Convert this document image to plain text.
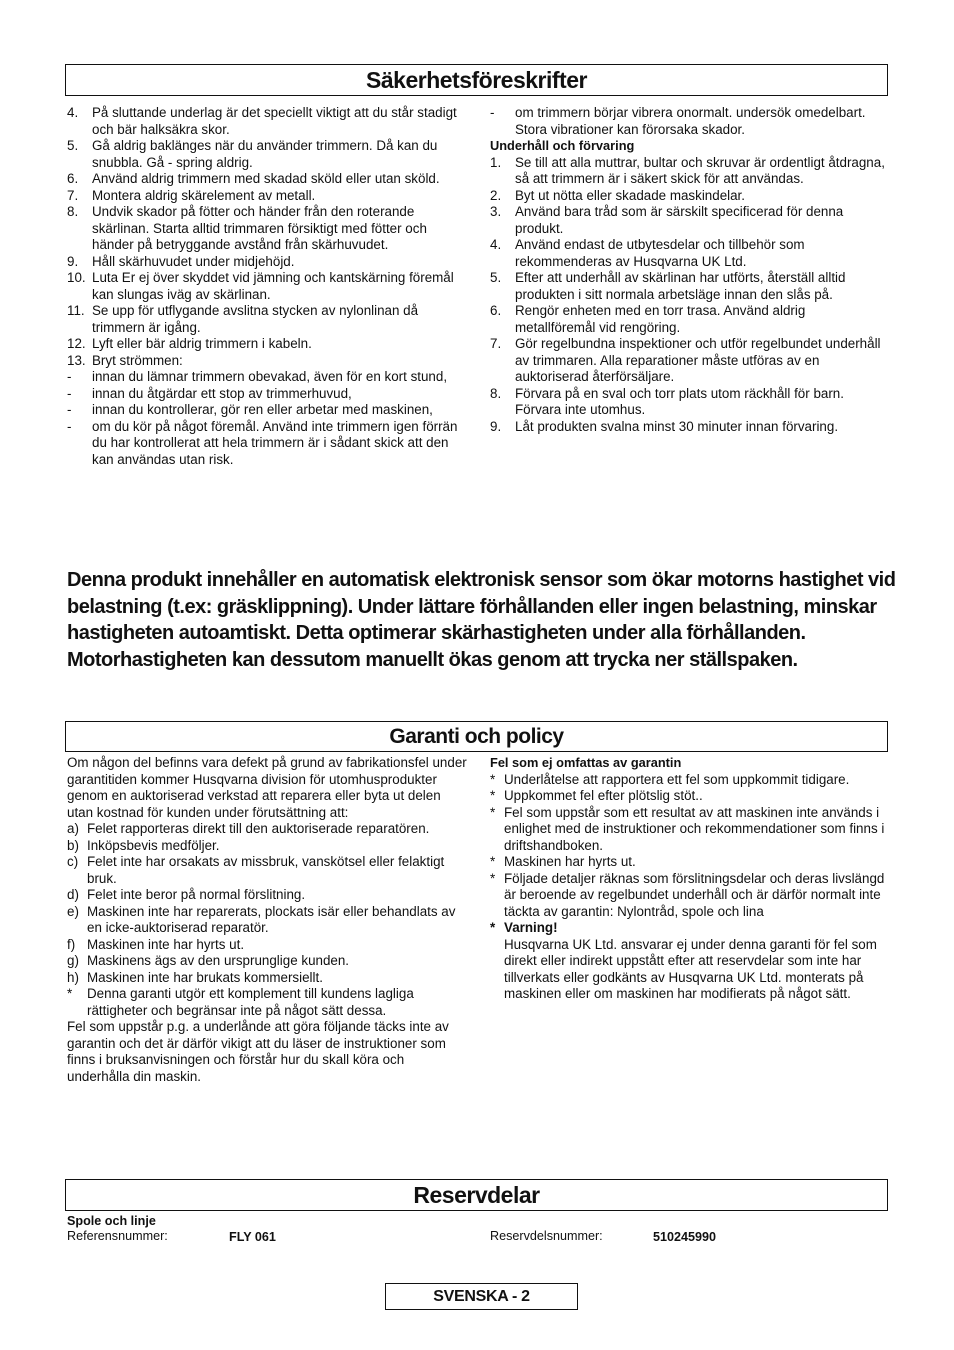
Säkerhetsföreskrifter
4.	På sluttande underlag är det speciellt viktigt att du står stadigt och bär halksäkra skor.
5.	Gå aldrig baklänges när du använder trimmern. Då kan du snubbla. Gå - spring aldrig.
6.	Använd aldrig trimmern med skadad sköld eller utan sköld.
7.	Montera aldrig skärelement av metall.
8.	Undvik skador på fötter och händer från den roterande skärlinan. Starta alltid trimmaren försiktigt med fötter och händer på betryggande avstånd från skärhuvudet.
9.	Håll skärhuvudet under midjehöjd.
10. Luta Er ej över skyddet vid jämning och kantskärning föremål kan slungas iväg av skärlinan.
11. Se upp för utflygande avslitna stycken av nylonlinan då trimmern är igång.
12. Lyft eller bär aldrig trimmern i kabeln.
13. Bryt strömmen:
-	innan du lämnar trimmern obevakad, även för en kort stund,
-	innan du åtgärdar ett stop av trimmerhuvud,
-	innan du kontrollerar, gör ren eller arbetar med maskinen,
-	om du kör på något föremål. Använd inte trimmern igen förrän du har kontrollerat att hela trimmern är i sådant skick att den kan användas utan risk.
-	om trimmern börjar vibrera onormalt. undersök omedelbart. Stora vibrationer kan förorsaka skador.
Underhåll och förvaring
1.	Se till att alla muttrar, bultar och skruvar är ordentligt åtdragna, så att trimmern är i säkert skick för att användas.
2.	Byt ut nötta eller skadade maskindelar.
3.	Använd bara tråd som är särskilt specificerad för denna produkt.
4.	Använd endast de utbytesdelar och tillbehör som rekommenderas av Husqvarna UK Ltd.
5.	Efter att underhåll av skärlinan har utförts, återställ alltid produkten i sitt normala arbetsläge innan den slås på.
6.	Rengör enheten med en torr trasa. Använd aldrig metallföremål vid rengöring.
7.	Gör regelbundna inspektioner och utför regelbundet underhåll av trimmaren. Alla reparationer måste utföras av en auktoriserad återförsäljare.
8.	Förvara på en sval och torr plats utom räckhåll för barn. Förvara inte utomhus.
9.	Låt produkten svalna minst 30 minuter innan förvaring.
Denna produkt innehåller en automatisk elektronisk sensor som ökar motorns hastighet vid belastning (t.ex: gräsklippning). Under lättare förhållanden eller ingen belastning, minskar hastigheten autoamtiskt. Detta optimerar skärhastigheten under alla förhållanden. Motorhastigheten kan dessutom manuellt ökas genom att trycka ner ställspaken.
Garanti och policy
Om någon del befinns vara defekt på grund av fabrikationsfel under garantitiden kommer Husqvarna division för utomhusprodukter genom en auktoriserad verkstad att reparera eller byta ut delen utan kostnad för kunden under förutsättning att:
a) Felet rapporteras direkt till den auktoriserade reparatören.
b) Inköpsbevis medföljer.
c) Felet inte har orsakats av missbruk, vanskötsel eller felaktigt bruk.
d) Felet inte beror på normal förslitning.
e) Maskinen inte har reparerats, plockats isär eller behandlats av en icke-auktoriserad reparatör.
f) Maskinen inte har hyrts ut.
g) Maskinens ägs av den ursprunglige kunden.
h) Maskinen inte har brukats kommersiellt.
*	Denna garanti utgör ett komplement till kundens lagliga rättigheter och begränsar inte på något sätt dessa.
Fel som uppstår p.g. a underlånde att göra följande täcks inte av garantin och det är därför vikigt att du läser de instruktioner som finns i bruksanvisningen och förstår hur du skall köra och underhålla din maskin.
Fel som ej omfattas av garantin
* Underlåtelse att rapportera ett fel som uppkommit tidigare.
* Uppkommet fel efter plötslig stöt..
* Fel som uppstår som ett resultat av att maskinen inte används i enlighet med de instruktioner och rekommendationer som finns i driftshandboken.
* Maskinen har hyrts ut.
* Följade detaljer räknas som förslitningsdelar och deras livslängd är beroende av regelbundet underhåll och är därför normalt inte täckta av garantin: Nylontråd, spole och lina
* Varning!
Husqvarna UK Ltd. ansvarar ej under denna garanti för fel som direkt eller indirekt uppstått efter att reservdelar som inte har tillverkats eller godkänts av Husqvarna UK Ltd. monterats på maskinen eller om maskinen har modifierats på något sätt.
Reservdelar
Spole och linje
Referensnummer:	FLY 061	Reservdelsnummer:	510245990
SVENSKA - 2
